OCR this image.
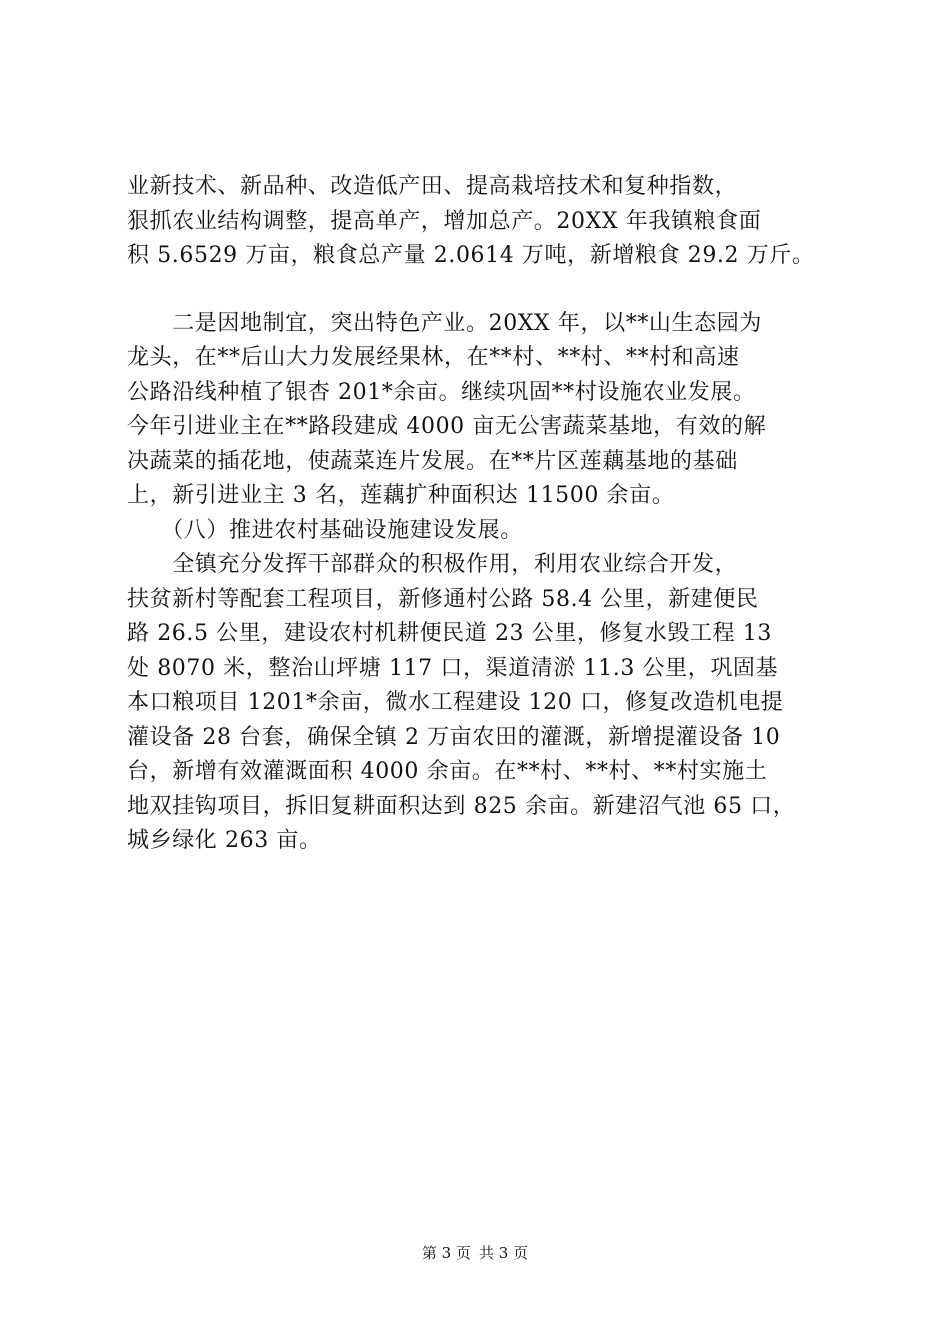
业新技术、新品种、改造低产田、提高栽培技术和复种指数，
狠抓农业结构调整，提高单产，增加总产。20XX 年我镇粮食面
积 5.6529 万亩，粮食总产量 2.0614 万吨，新增粮食 29.2 万斤。
　　二是因地制宜，突出特色产业。20XX 年，以**山生态园为
龙头，在**后山大力发展经果林，在**村、**村、**村和高速
公路沿线种植了银杏 201*余亩。继续巩固**村设施农业发展。
今年引进业主在**路段建成 4000 亩无公害蔬菜基地，有效的解
决蔬菜的插花地，使蔬菜连片发展。在**片区莲藕基地的基础
上，新引进业主 3 名，莲藕扩种面积达 11500 余亩。
　　（八）推进农村基础设施建设发展。
　　全镇充分发挥干部群众的积极作用，利用农业综合开发，
扶贫新村等配套工程项目，新修通村公路 58.4 公里，新建便民
路 26.5 公里，建设农村机耕便民道 23 公里，修复水毁工程 13
处 8070 米，整治山坪塘 117 口，渠道清淤 11.3 公里，巩固基
本口粮项目 1201*余亩，微水工程建设 120 口，修复改造机电提
灌设备 28 台套，确保全镇 2 万亩农田的灌溉，新增提灌设备 10
台，新增有效灌溉面积 4000 余亩。在**村、**村、**村实施土
地双挂钩项目，拆旧复耕面积达到 825 余亩。新建沼气池 65 口，
城乡绿化 263 亩。
第 3 页 共 3 页
